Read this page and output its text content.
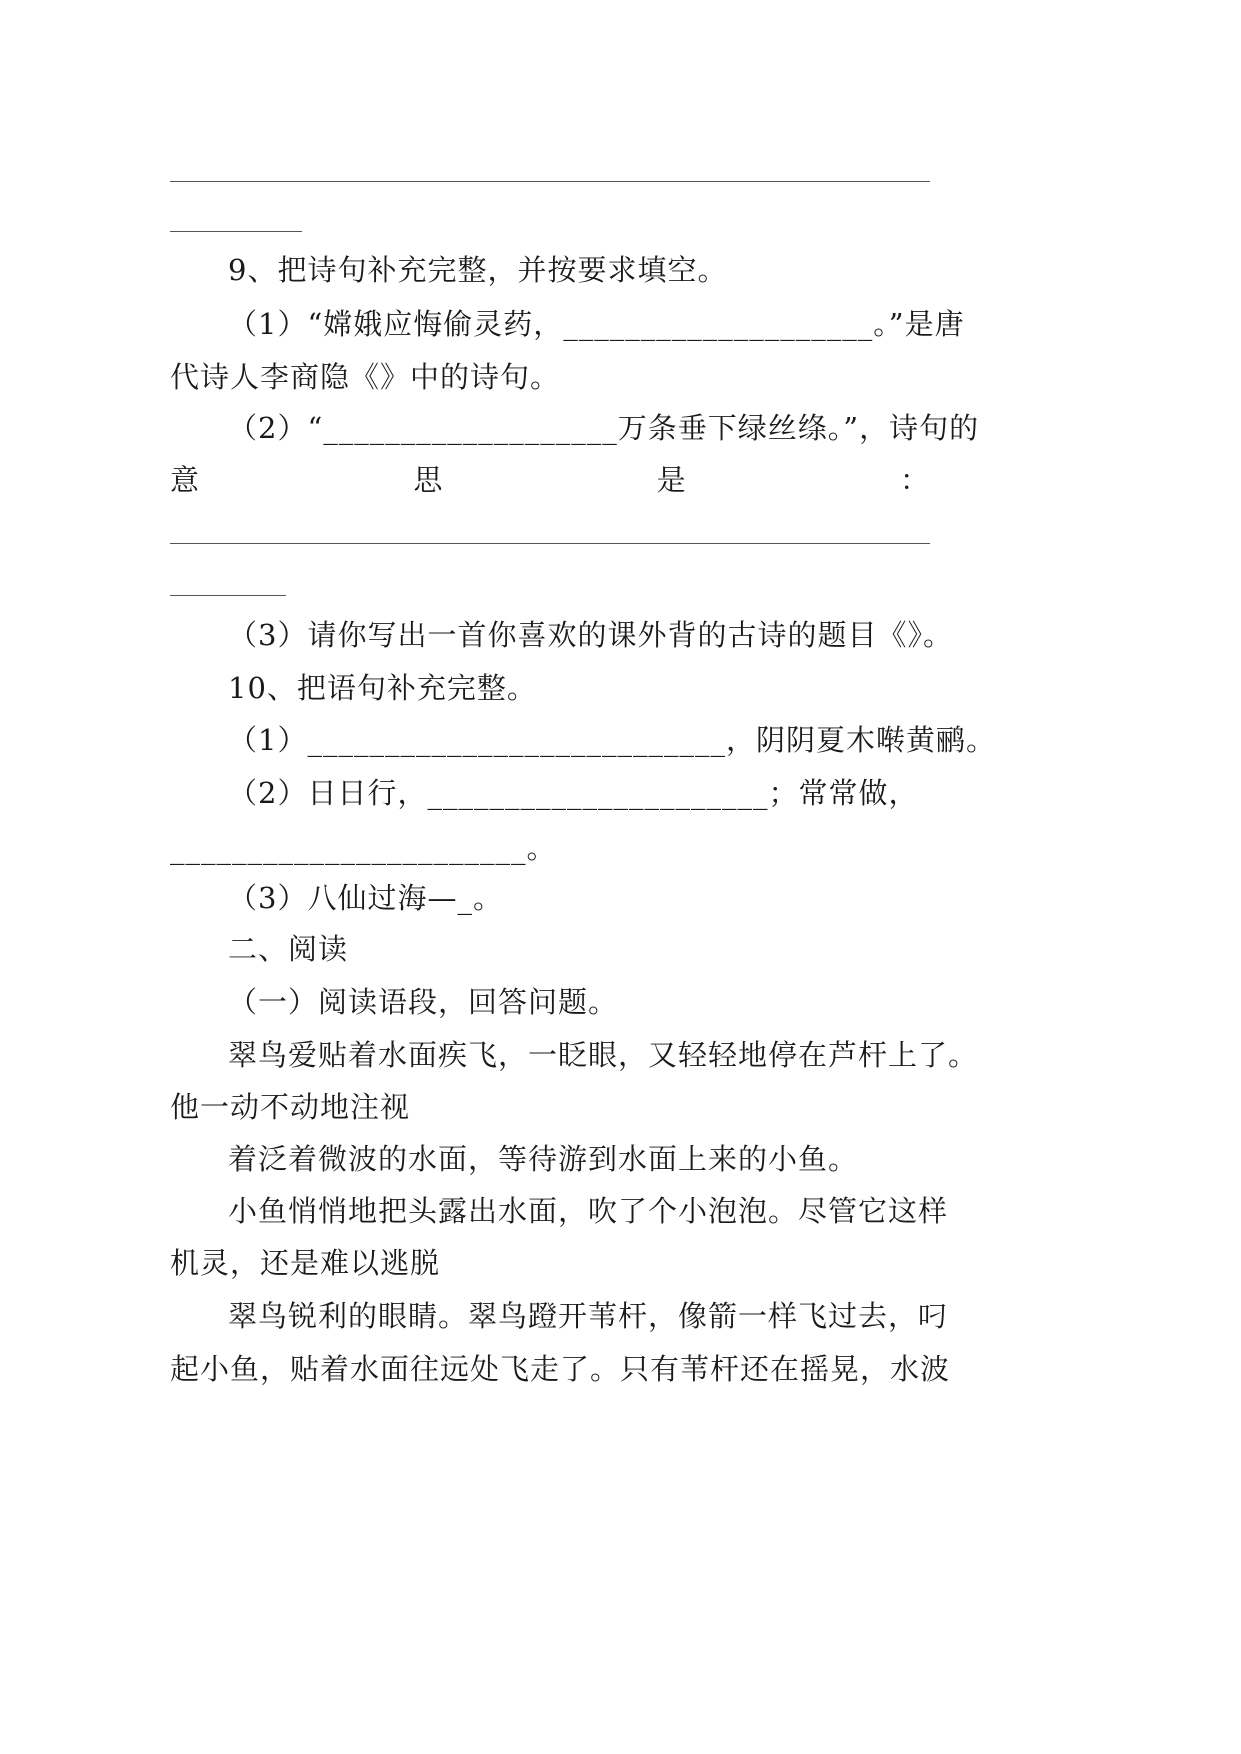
9、把诗句补充完整，并按要求填空。
（1）“嫦娥应悔偷灵药，____________________。”是唐
代诗人李商隐《》中的诗句。
（2）“___________________万条垂下绿丝绦。”，诗句的
意	思	是	：
（3）请你写出一首你喜欢的课外背的古诗的题目《》。
10、把语句补充完整。
（1）___________________________，阴阴夏木啭黄鹂。
（2）日日行，______________________；常常做，
_______________________。
（3）八仙过海—_。
二、阅读
（一）阅读语段，回答问题。
翠鸟爱贴着水面疾飞，一眨眼，又轻轻地停在芦杆上了。
他一动不动地注视
着泛着微波的水面，等待游到水面上来的小鱼。
小鱼悄悄地把头露出水面，吹了个小泡泡。尽管它这样
机灵，还是难以逃脱
翠鸟锐利的眼睛。翠鸟蹬开苇杆，像箭一样飞过去，叼
起小鱼，贴着水面往远处飞走了。只有苇杆还在摇晃，水波
